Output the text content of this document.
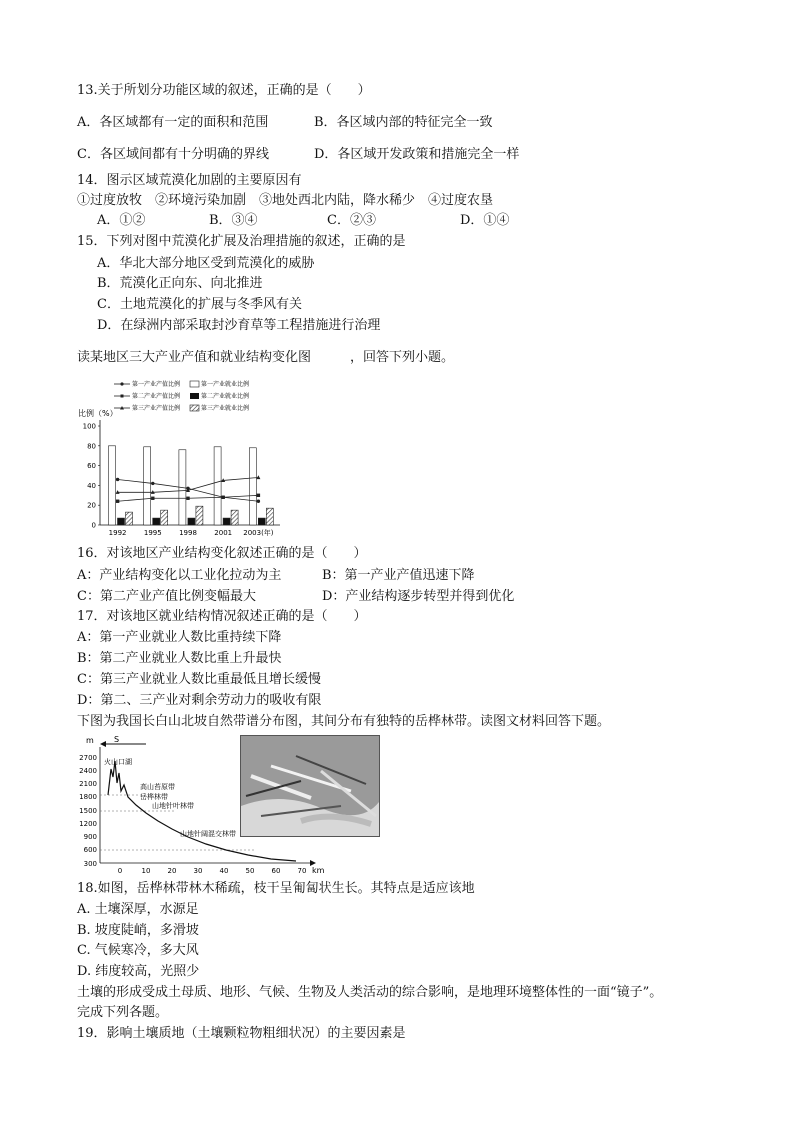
13.关于所划分功能区域的叙述，正确的是（　　）
A．各区域都有一定的面积和范围	B．各区域内部的特征完全一致
C．各区域间都有十分明确的界线	D．各区域开发政策和措施完全一样
14．图示区域荒漠化加剧的主要原因有
①过度放牧　②环境污染加剧　③地处西北内陆，降水稀少　④过度农垦
A．①②	B．③④	C．②③	D．①④
15．下列对图中荒漠化扩展及治理措施的叙述，正确的是
A．华北大部分地区受到荒漠化的威胁
B．荒漠化正向东、向北推进
C．土地荒漠化的扩展与冬季风有关
D．在绿洲内部采取封沙育草等工程措施进行治理
读某地区三大产业产值和就业结构变化图　　　，回答下列小题。
第一产业产值比例
第二产业产值比例
第三产业产值比例
第一产业就业比例
第二产业就业比例
第三产业就业比例
比例（%）
0
20
40
60
80
100
1992 1995 1998 2001 2003(年)
16．对该地区产业结构变化叙述正确的是（　　）
A：产业结构变化以工业化拉动为主	B：第一产业产值迅速下降
C：第二产业产值比例变幅最大	D：产业结构逐步转型并得到优化
17．对该地区就业结构情况叙述正确的是（　　）
A：第一产业就业人数比重持续下降
B：第二产业就业人数比重上升最快
C：第三产业就业人数比重最低且增长缓慢
D：第二、三产业对剩余劳动力的吸收有限
下图为我国长白山北坡自然带谱分布图，其间分布有独特的岳桦林带。读图文材料回答下题。
m	S
2700
2400
2100
1800
1500
1200
900
600
300
0	10 20 30 40 50 60 70 km
火山口湖
高山苔原带
岳桦林带
山地针叶林带
山地针阔混交林带
18.如图，岳桦林带林木稀疏，枝干呈匍匐状生长。其特点是适应该地
A. 土壤深厚，水源足
B. 坡度陡峭，多滑坡
C. 气候寒冷，多大风
D. 纬度较高，光照少
土壤的形成受成土母质、地形、气候、生物及人类活动的综合影响，是地理环境整体性的一面“镜子”。
完成下列各题。
19．影响土壤质地（土壤颗粒物粗细状况）的主要因素是
